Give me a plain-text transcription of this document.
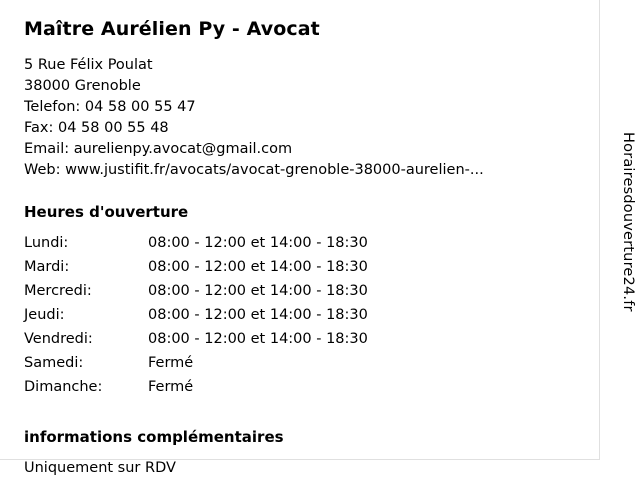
Maître Aurélien Py - Avocat
5 Rue Félix Poulat
38000 Grenoble
Telefon: 04 58 00 55 47
Fax: 04 58 00 55 48
Email: aurelienpy.avocat@gmail.com
Web: www.justifit.fr/avocats/avocat-grenoble-38000-aurelien-...
Heures d'ouverture
Lundi:	08:00 - 12:00 et 14:00 - 18:30
Mardi:	08:00 - 12:00 et 14:00 - 18:30
Mercredi:	08:00 - 12:00 et 14:00 - 18:30
Jeudi:	08:00 - 12:00 et 14:00 - 18:30
Vendredi:	08:00 - 12:00 et 14:00 - 18:30
Samedi:	Fermé
Dimanche:	Fermé
informations complémentaires
Uniquement sur RDV
Horairesdouverture24.fr
